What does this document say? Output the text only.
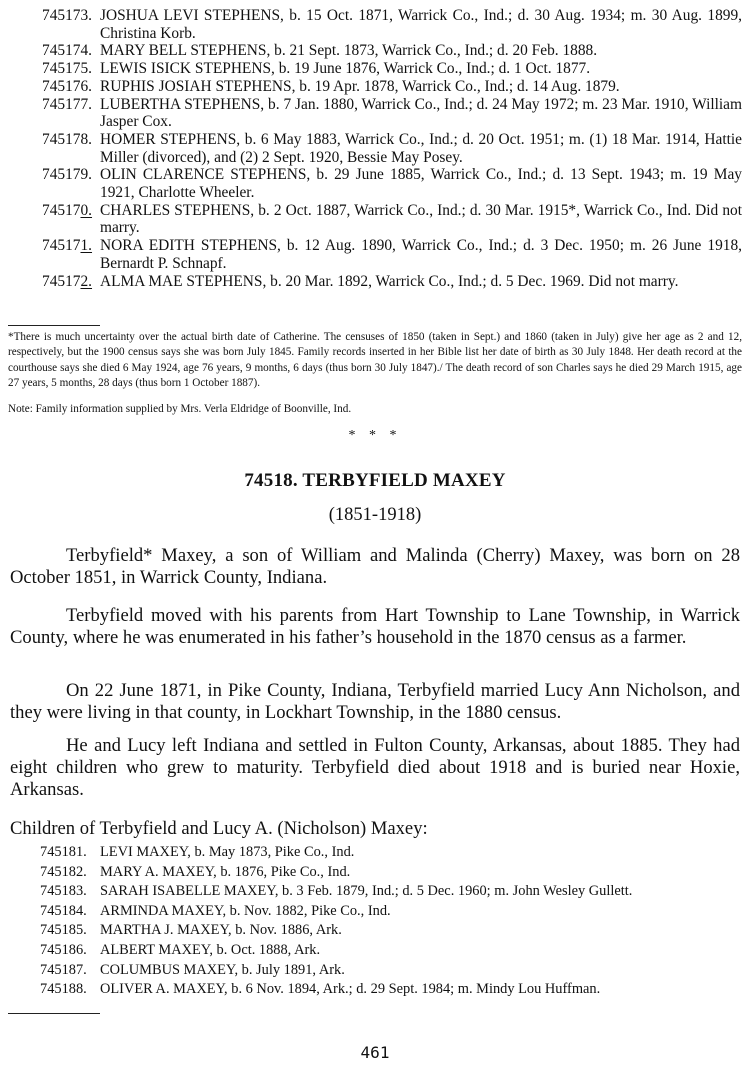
745173. JOSHUA LEVI STEPHENS, b. 15 Oct. 1871, Warrick Co., Ind.; d. 30 Aug. 1934; m. 30 Aug. 1899, Christina Korb.
745174. MARY BELL STEPHENS, b. 21 Sept. 1873, Warrick Co., Ind.; d. 20 Feb. 1888.
745175. LEWIS ISICK STEPHENS, b. 19 June 1876, Warrick Co., Ind.; d. 1 Oct. 1877.
745176. RUPHIS JOSIAH STEPHENS, b. 19 Apr. 1878, Warrick Co., Ind.; d. 14 Aug. 1879.
745177. LUBERTHA STEPHENS, b. 7 Jan. 1880, Warrick Co., Ind.; d. 24 May 1972; m. 23 Mar. 1910, William Jasper Cox.
745178. HOMER STEPHENS, b. 6 May 1883, Warrick Co., Ind.; d. 20 Oct. 1951; m. (1) 18 Mar. 1914, Hattie Miller (divorced), and (2) 2 Sept. 1920, Bessie May Posey.
745179. OLIN CLARENCE STEPHENS, b. 29 June 1885, Warrick Co., Ind.; d. 13 Sept. 1943; m. 19 May 1921, Charlotte Wheeler.
745170. CHARLES STEPHENS, b. 2 Oct. 1887, Warrick Co., Ind.; d. 30 Mar. 1915*, Warrick Co., Ind. Did not marry.
745171. NORA EDITH STEPHENS, b. 12 Aug. 1890, Warrick Co., Ind.; d. 3 Dec. 1950; m. 26 June 1918, Bernardt P. Schnapf.
745172. ALMA MAE STEPHENS, b. 20 Mar. 1892, Warrick Co., Ind.; d. 5 Dec. 1969. Did not marry.
*There is much uncertainty over the actual birth date of Catherine. The censuses of 1850 (taken in Sept.) and 1860 (taken in July) give her age as 2 and 12, respectively, but the 1900 census says she was born July 1845. Family records inserted in her Bible list her date of birth as 30 July 1848. Her death record at the courthouse says she died 6 May 1924, age 76 years, 9 months, 6 days (thus born 30 July 1847)./ The death record of son Charles says he died 29 March 1915, age 27 years, 5 months, 28 days (thus born 1 October 1887).
Note: Family information supplied by Mrs. Verla Eldridge of Boonville, Ind.
* * *
74518. TERBYFIELD MAXEY
(1851-1918)

Terbyfield* Maxey, a son of William and Malinda (Cherry) Maxey, was born on 28 October 1851, in Warrick County, Indiana.

Terbyfield moved with his parents from Hart Township to Lane Township, in Warrick County, where he was enumerated in his father’s household in the 1870 census as a farmer.

On 22 June 1871, in Pike County, Indiana, Terbyfield married Lucy Ann Nicholson, and they were living in that county, in Lockhart Township, in the 1880 census.

He and Lucy left Indiana and settled in Fulton County, Arkansas, about 1885. They had eight children who grew to maturity. Terbyfield died about 1918 and is buried near Hoxie, Arkansas.

Children of Terbyfield and Lucy A. (Nicholson) Maxey:
745181. LEVI MAXEY, b. May 1873, Pike Co., Ind.

745182. MARY A. MAXEY, b. 1876, Pike Co., Ind.

745183. SARAH ISABELLE MAXEY, b. 3 Feb. 1879, Ind.; d. 5 Dec. 1960; m. John Wesley Gullett.

745184. ARMINDA MAXEY, b. Nov. 1882, Pike Co., Ind.

745185. MARTHA J. MAXEY, b. Nov. 1886, Ark.

745186. ALBERT MAXEY, b. Oct. 1888, Ark.

745187. COLUMBUS MAXEY, b. July 1891, Ark.

745188. OLIVER A. MAXEY, b. 6 Nov. 1894, Ark.; d. 29 Sept. 1984; m. Mindy Lou Huffman.

461
